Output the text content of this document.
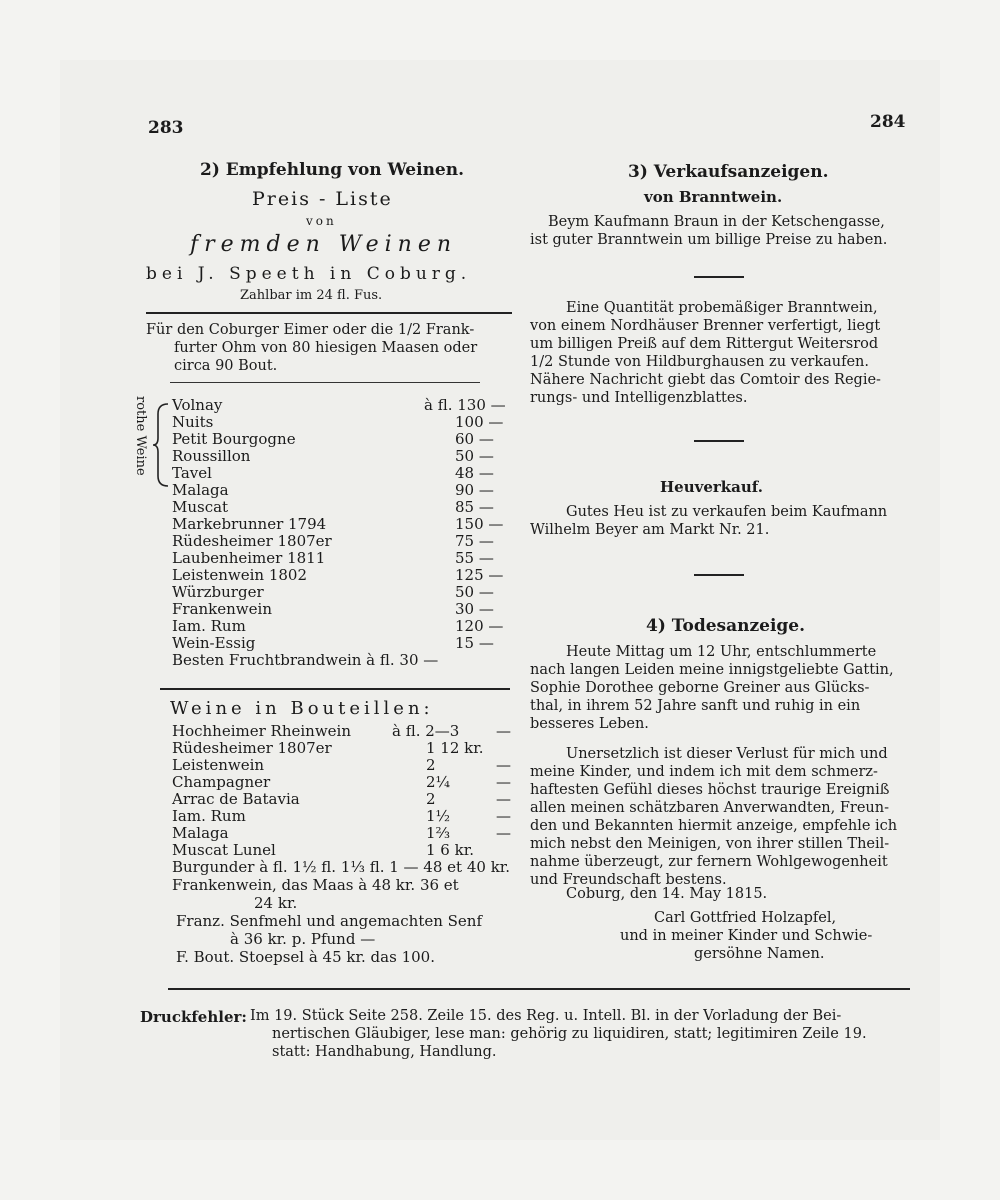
283	284
2) Empfehlung von Weinen.
Preis - Liste
von
fremden Weinen
bei J. Speeth in Coburg.
Zahlbar im 24 fl. Fus.
Für den Coburger Eimer oder die 1/2 Frank-
furter Ohm von 80 hiesigen Maasen oder
circa 90 Bout.
rothe Weine Volnay	à fl. 130 —
Nuits	100 —
Petit Bourgogne	60 —
Roussillon	50 —
Tavel	48 —
Malaga	90 —
Muscat	85 —
Markebrunner 1794	150 —
Rüdesheimer 1807er	75 —
Laubenheimer 1811	55 —
Leistenwein 1802	125 —
Würzburger	50 —
Frankenwein	30 —
Iam. Rum	120 —
Wein-Essig	15 —
Besten Fruchtbrandwein à fl. 30 —
Weine in Bouteillen:
Hochheimer Rheinwein	à fl. 2—3 —
Rüdesheimer 1807er	1 12 kr.
Leistenwein	2	—
Champagner	2¼	—
Arrac de Batavia	2	—
Iam. Rum	1½	—
Malaga	1⅔	—
Muscat Lunel	1 6 kr.
Burgunder à fl. 1½ fl. 1⅓ fl. 1 — 48 et 40 kr.
Frankenwein, das Maas à 48 kr. 36 et
24 kr.
Franz. Senfmehl und angemachten Senf
à 36 kr. p. Pfund —
F. Bout. Stoepsel à 45 kr. das 100.
3) Verkaufsanzeigen.
von Branntwein.
Beym Kaufmann Braun in der Ketschengasse,
ist guter Branntwein um billige Preise zu haben.
Eine Quantität probemäßiger Branntwein,
von einem Nordhäuser Brenner verfertigt, liegt
um billigen Preiß auf dem Rittergut Weitersrod
1/2 Stunde von Hildburghausen zu verkaufen.
Nähere Nachricht giebt das Comtoir des Regie-
rungs- und Intelligenzblattes.
Heuverkauf.
Gutes Heu ist zu verkaufen beim Kaufmann
Wilhelm Beyer am Markt Nr. 21.
4) Todesanzeige.
Heute Mittag um 12 Uhr, entschlummerte
nach langen Leiden meine innigstgeliebte Gattin,
Sophie Dorothee geborne Greiner aus Glücks-
thal, in ihrem 52 Jahre sanft und ruhig in ein
besseres Leben.
Unersetzlich ist dieser Verlust für mich und
meine Kinder, und indem ich mit dem schmerz-
haftesten Gefühl dieses höchst traurige Ereigniß
allen meinen schätzbaren Anverwandten, Freun-
den und Bekannten hiermit anzeige, empfehle ich
mich nebst den Meinigen, von ihrer stillen Theil-
nahme überzeugt, zur fernern Wohlgewogenheit
und Freundschaft bestens.
Coburg, den 14. May 1815.
Carl Gottfried Holzapfel,
und in meiner Kinder und Schwie-
gersöhne Namen.
Druckfehler: Im 19. Stück Seite 258. Zeile 15. des Reg. u. Intell. Bl. in der Vorladung der Bei-
nertischen Gläubiger, lese man: gehörig zu liquidiren, statt; legitimiren Zeile 19.
statt: Handhabung, Handlung.
